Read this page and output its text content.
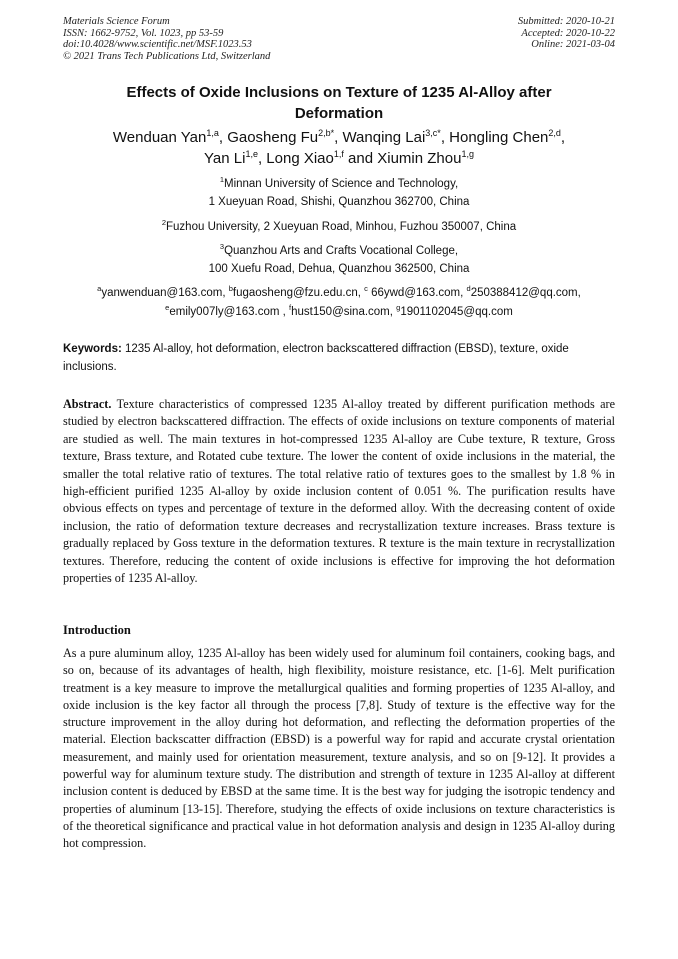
Materials Science Forum
ISSN: 1662-9752, Vol. 1023, pp 53-59
doi:10.4028/www.scientific.net/MSF.1023.53
© 2021 Trans Tech Publications Ltd, Switzerland
Submitted: 2020-10-21
Accepted: 2020-10-22
Online: 2021-03-04
Effects of Oxide Inclusions on Texture of 1235 Al-Alloy after
Deformation
Wenduan Yan$^{1,a}$, Gaosheng $Fu^{2,b*}$, Wanqing Lai$^{3,c*}$, Hongling Chen$^{2,d}$,
Yan Li$^{1,e}$, Long Xiao$^{1,f}$ and Xiumin Zhou$^{1,g}$
$^1$Minnan University of Science and Technology,
1 Xueyuan Road, Shishi, Quanzhou 362700, China
$^2$Fuzhou University, 2 Xueyuan Road, Minhou, Fuzhou 350007, China
$^3$Quanzhou Arts and Crafts Vocational College,
100 Xuefu Road, Dehua, Quanzhou 362500, China
$^a$yanwenduan@163.com, $^b$fugaosheng@fzu.edu.cn, $^c$ 66ywd@163.com, $^d$250388412@qq.com,
$^e$emily007ly@163.com , $^f$hust150@sina.com, $^g$1901102045@qq.com

Keywords: 1235 Al-alloy, hot deformation, electron backscattered diffraction (EBSD), texture, oxide inclusions.

Abstract. Texture characteristics of compressed 1235 Al-alloy treated by different purification methods are studied by electron backscattered diffraction. The effects of oxide inclusions on texture components of material are studied as well. The main textures in hot-compressed 1235 Al-alloy are Cube texture, R texture, Gross texture, Brass texture, and Rotated cube texture. The lower the content of oxide inclusions in the material, the smaller the total relative ratio of textures. The total relative ratio of textures goes to the smallest by 1.8 % in high-efficient purified 1235 Al-alloy by oxide inclusion content of 0.051 %. The purification results have obvious effects on types and percentage of texture in the deformed alloy. With the decreasing content of oxide inclusion, the ratio of deformation texture decreases and recrystallization texture increases. Brass texture is gradually replaced by Goss texture in the deformation textures. R texture is the main texture in recrystallization textures. Therefore, reducing the content of oxide inclusions is effective for improving the hot deformation properties of 1235 Al-alloy.

Introduction

As a pure aluminum alloy, 1235 Al-alloy has been widely used for aluminum foil containers, cooking bags, and so on, because of its advantages of health, high flexibility, moisture resistance, etc. [1-6]. Melt purification treatment is a key measure to improve the metallurgical qualities and forming properties of 1235 Al-alloy, and oxide inclusion is the key factor all through the process [7,8]. Study of texture is the effective way for the structure improvement in the alloy during hot deformation, and reflecting the deformation properties of the material. Election backscatter diffraction (EBSD) is a powerful way for rapid and accurate crystal orientation measurement, and mainly used for orientation measurement, texture analysis, and so on [9-12]. It provides a powerful way for aluminum texture study. The distribution and strength of texture in 1235 Al-alloy at different inclusion content is deduced by EBSD at the same time. It is the best way for judging the isotropic tendency and properties of aluminum [13-15]. Therefore, studying the effects of oxide inclusions on texture characteristics is of the theoretical significance and practical value in hot deformation analysis and design in 1235 Al-alloy during hot compression.
